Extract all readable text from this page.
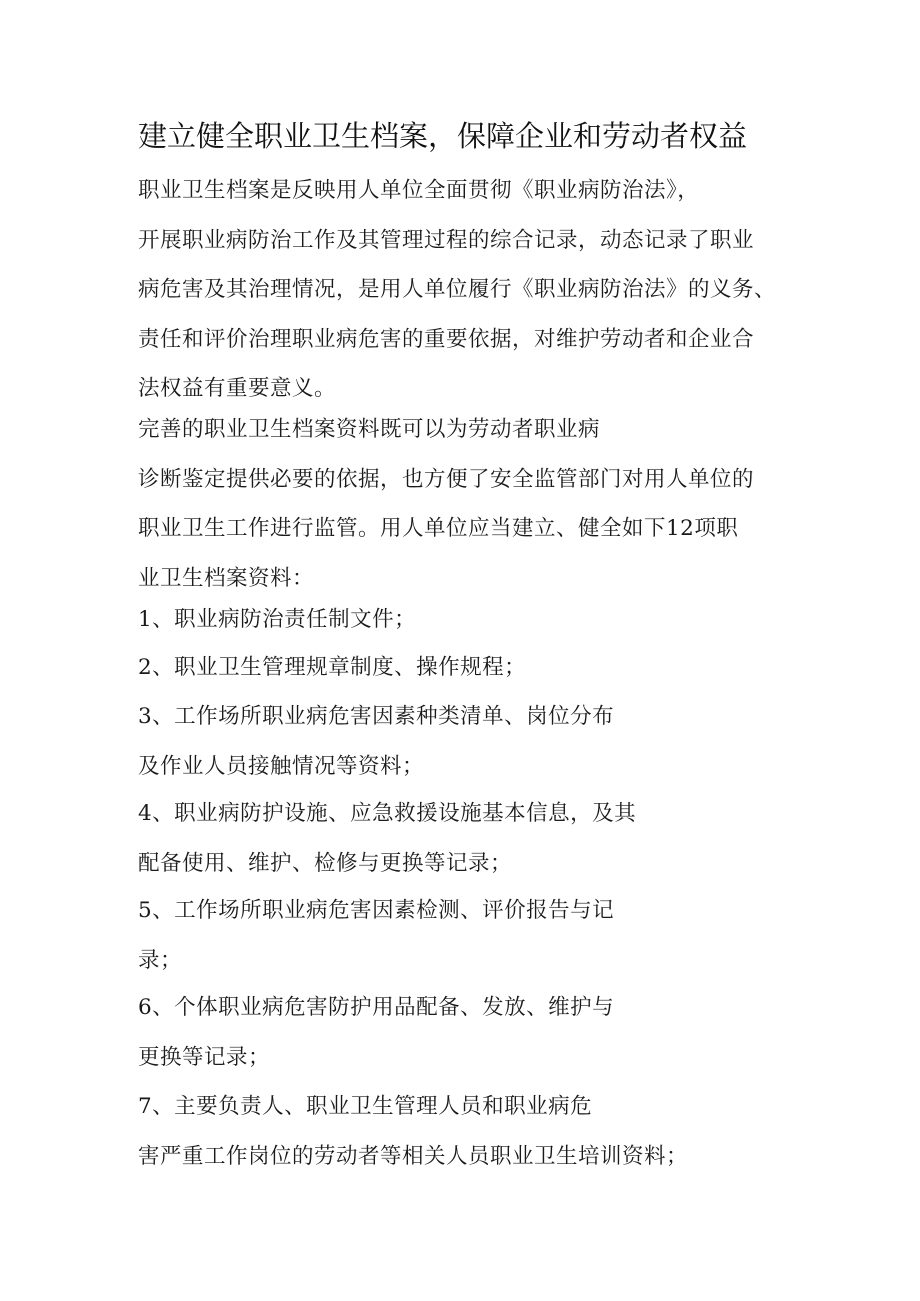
建立健全职业卫生档案，保障企业和劳动者权益
职业卫生档案是反映用人单位全面贯彻《职业病防治法》，
开展职业病防治工作及其管理过程的综合记录，动态记录了职业
病危害及其治理情况，是用人单位履行《职业病防治法》的义务、
责任和评价治理职业病危害的重要依据，对维护劳动者和企业合
法权益有重要意义。
完善的职业卫生档案资料既可以为劳动者职业病
诊断鉴定提供必要的依据，也方便了安全监管部门对用人单位的
职业卫生工作进行监管。用人单位应当建立、健全如下12项职
业卫生档案资料：
1、职业病防治责任制文件；
2、职业卫生管理规章制度、操作规程；
3、工作场所职业病危害因素种类清单、岗位分布
及作业人员接触情况等资料；
4、职业病防护设施、应急救援设施基本信息，及其
配备使用、维护、检修与更换等记录；
5、工作场所职业病危害因素检测、评价报告与记
录；
6、个体职业病危害防护用品配备、发放、维护与
更换等记录；
7、主要负责人、职业卫生管理人员和职业病危
害严重工作岗位的劳动者等相关人员职业卫生培训资料；
